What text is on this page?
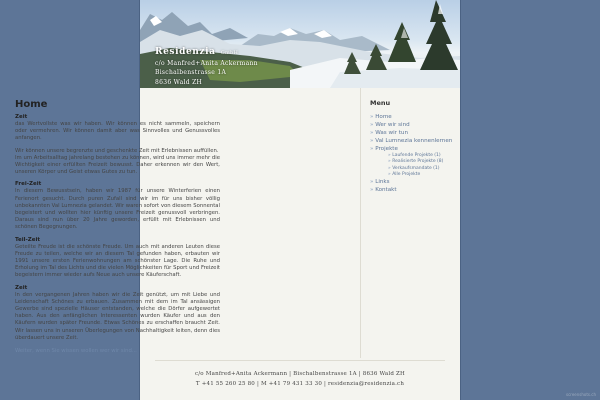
Residenzia GmbH
c/o Manfred+Anita Ackermann
Bischalbenstrasse 1A
8636 Wald ZH
Home
Zeit

das Wertvollste was wir haben. Wir können es nicht sammeln, speichern oder vermehren. Wir können damit aber was Sinnvolles und Genussvolles anfangen.

Wir können unsere begrenzte und geschenkte Zeit mit Erlebnissen auffüllen.

Im um Arbeitsalltag jahrelang bestehen zu können, wird uns immer mehr die Wichtigkeit einer erfüllten Freizeit bewusst. Daher erkennen wir den Wert, unseren Körper und Geist etwas Gutes zu tun.

Frei-Zeit

In diesem Bewusstsein, haben wir 1987 für unsere Winterferien einen Ferienort gesucht. Durch puren Zufall sind wir im für uns bisher völlig unbekannten Val Lumnezia gelandet. Wir waren sofort von diesem Sonnental begeistert und wollten hier künftig unsere Freizeit genussvoll verbringen. Daraus sind nun über 20 Jahre geworden, erfüllt mit Erlebnissen und schönen Begegnungen.

Teil-Zeit

Geteilte Freude ist die schönste Freude. Um auch mit anderen Leuten diese Freude zu teilen, welche wir an diesem Tal gefunden haben, erbauten wir 1991 unsere ersten Ferienwohnungen am schönster Lage. Die Ruhe und Erholung im Tal des Lichts und die vielen Möglichkeiten für Sport und Freizeit begeistern immer wieder aufs Neue auch unsere Käuferschaft.

Zeit

In den vergangenen Jahren haben wir die Zeit genützt, um mit Liebe und Leidenschaft Schönes zu erbauen. Zusammen mit dem im Tal ansässigen Gewerbe sind spezielle Häuser entstanden, welche die Dörfer aufgewertet haben. Aus den anfänglichen Interessenten wurden Käufer und aus den Käufern wurden später Freunde. Etwas Schönes zu erschaffen braucht Zeit. Wir lassen uns in unseren Überlegungen von Nachhaltigkeit leiten, denn dies überdauert unsere Zeit.

Weiter, wenn Sie wissen wollen wer wir sind...
Menu
» Home
» Wer wir sind
» Was wir tun
» Val Lumnezia kennenlernen
» Projekte
» Laufende Projekte (1)
» Realisierte Projekte (8)
» Verkaufsmandate (1)
» Alle Projekte
» Links
» Kontakt
c/o Manfred+Anita Ackermann | Bischalbenstrasse 1A | 8636 Wald ZH
T +41 55 260 25 80 | M +41 79 431 33 30 | residenzia@residenzia.ch
screenshots.ch
